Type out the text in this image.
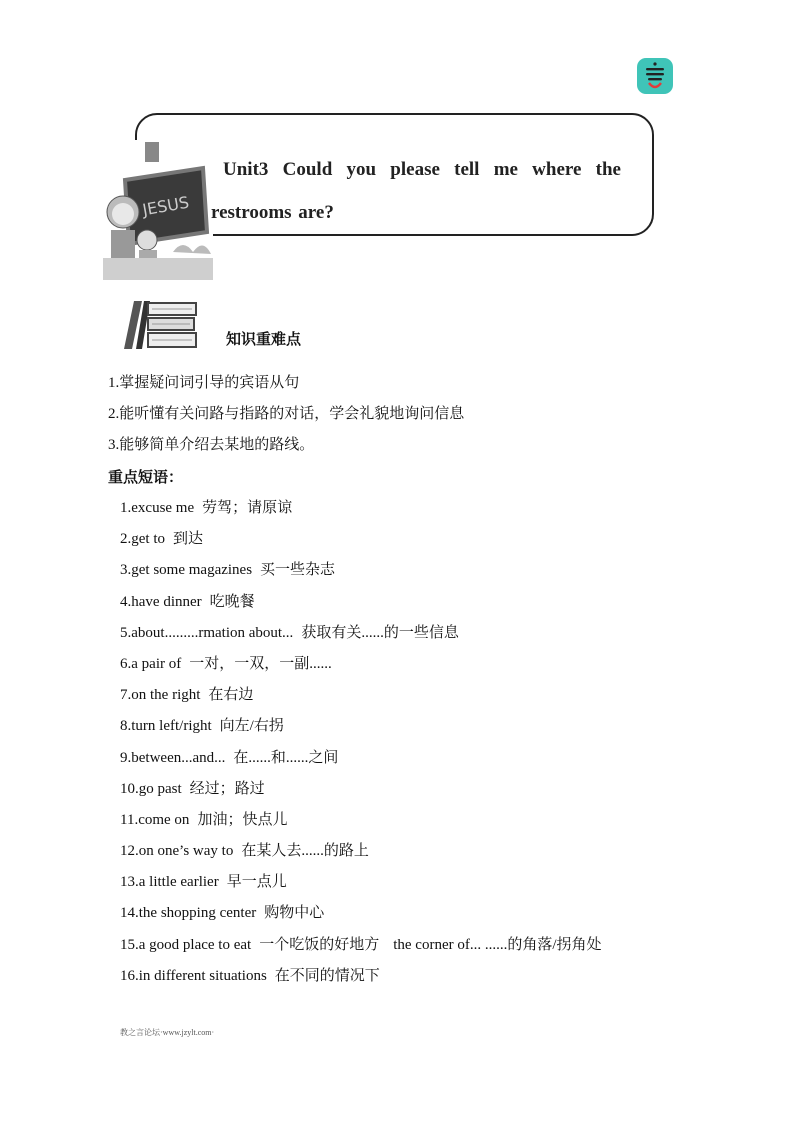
JESUS
Unit3 Could you please tell me where the
restrooms are?
知识重难点
1.掌握疑问词引导的宾语从句
2.能听懂有关问路与指路的对话，学会礼貌地询问信息
3.能够简单介绍去某地的路线。
重点短语：
1.excuse me 劳驾；请原谅
2.get to 到达
3.get some magazines 买一些杂志
4.have dinner 吃晚餐
5.about.........rmation about... 获取有关......的一些信息
6.a pair of 一对，一双，一副......
7.on the right 在右边
8.turn left/right 向左/右拐
9.between...and... 在......和......之间
10.go past 经过；路过
11.come on 加油；快点儿
12.on one’s way to 在某人去......的路上
13.a little earlier 早一点儿
14.the shopping center 购物中心
15.a good place to eat 一个吃饭的好地方 the corner of... ......的角落/拐角处
16.in different situations 在不同的情况下
教之言论坛·www.jzylt.com·
